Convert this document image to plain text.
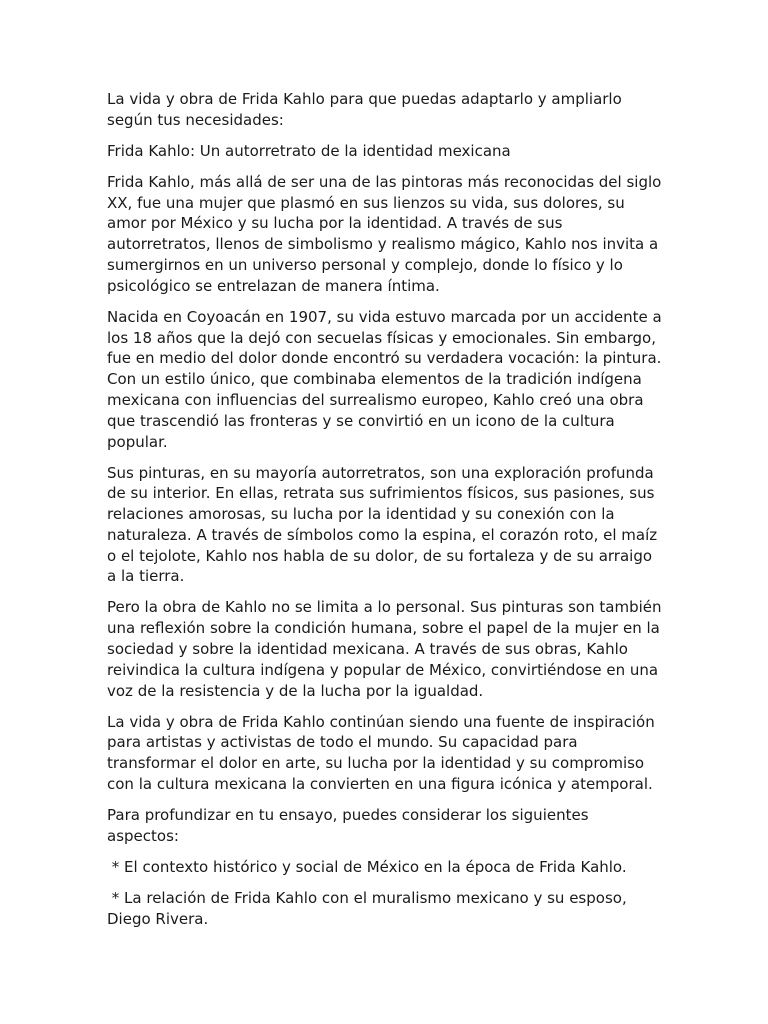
La vida y obra de Frida Kahlo para que puedas adaptarlo y ampliarlo según tus necesidades:

Frida Kahlo: Un autorretrato de la identidad mexicana

Frida Kahlo, más allá de ser una de las pintoras más reconocidas del siglo XX, fue una mujer que plasmó en sus lienzos su vida, sus dolores, su amor por México y su lucha por la identidad. A través de sus autorretratos, llenos de simbolismo y realismo mágico, Kahlo nos invita a sumergirnos en un universo personal y complejo, donde lo físico y lo psicológico se entrelazan de manera íntima.

Nacida en Coyoacán en 1907, su vida estuvo marcada por un accidente a los 18 años que la dejó con secuelas físicas y emocionales. Sin embargo, fue en medio del dolor donde encontró su verdadera vocación: la pintura. Con un estilo único, que combinaba elementos de la tradición indígena mexicana con influencias del surrealismo europeo, Kahlo creó una obra que trascendió las fronteras y se convirtió en un icono de la cultura popular.

Sus pinturas, en su mayoría autorretratos, son una exploración profunda de su interior. En ellas, retrata sus sufrimientos físicos, sus pasiones, sus relaciones amorosas, su lucha por la identidad y su conexión con la naturaleza. A través de símbolos como la espina, el corazón roto, el maíz o el tejolote, Kahlo nos habla de su dolor, de su fortaleza y de su arraigo a la tierra.

Pero la obra de Kahlo no se limita a lo personal. Sus pinturas son también una reflexión sobre la condición humana, sobre el papel de la mujer en la sociedad y sobre la identidad mexicana. A través de sus obras, Kahlo reivindica la cultura indígena y popular de México, convirtiéndose en una voz de la resistencia y de la lucha por la igualdad.

La vida y obra de Frida Kahlo continúan siendo una fuente de inspiración para artistas y activistas de todo el mundo. Su capacidad para transformar el dolor en arte, su lucha por la identidad y su compromiso con la cultura mexicana la convierten en una figura icónica y atemporal.

Para profundizar en tu ensayo, puedes considerar los siguientes aspectos:

* El contexto histórico y social de México en la época de Frida Kahlo.

* La relación de Frida Kahlo con el muralismo mexicano y su esposo, Diego Rivera.
